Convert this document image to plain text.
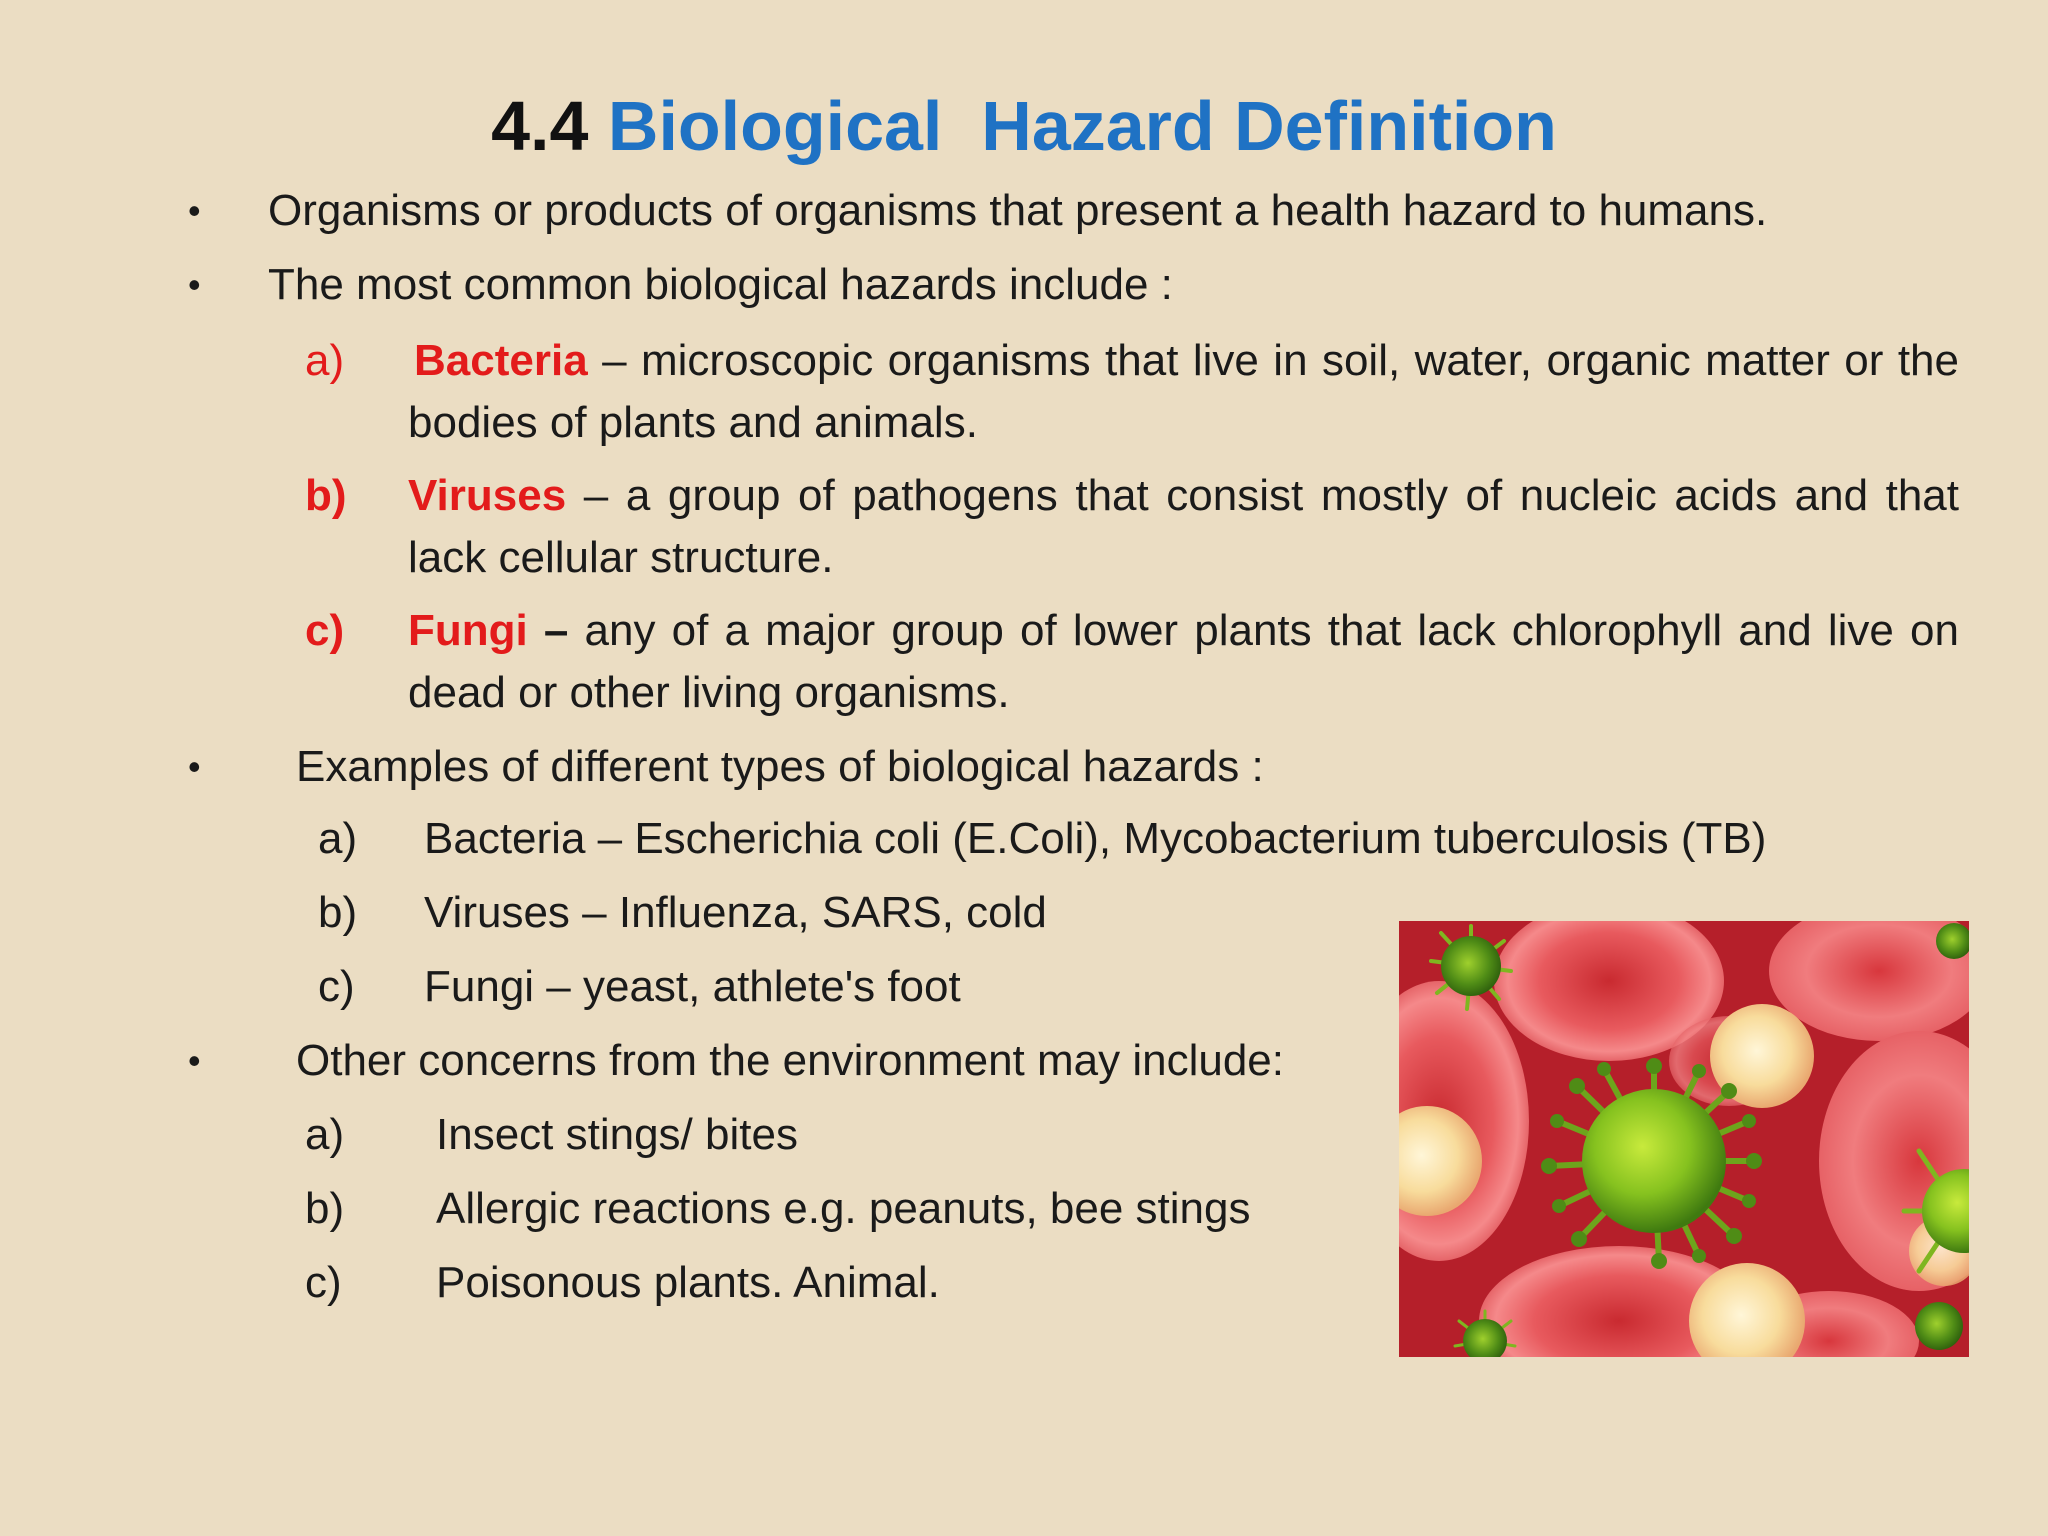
4.4 Biological  Hazard Definition
• Organisms or products of organisms that present a health hazard to humans.
• The most common biological hazards include :
a) Bacteria – microscopic organisms that live in soil, water, organic matter or the bodies of plants and animals.
b) Viruses – a group of pathogens that consist mostly of nucleic acids and that lack cellular structure.
c) Fungi – any of a major group of lower plants that lack chlorophyll and live on dead or other living organisms.
• Examples of different types of biological hazards :
a) Bacteria – Escherichia coli (E.Coli), Mycobacterium tuberculosis (TB)
b) Viruses – Influenza, SARS, cold
c) Fungi – yeast, athlete's foot
• Other concerns from the environment may include:
a) Insect stings/ bites
b) Allergic reactions e.g. peanuts, bee stings
c) Poisonous plants. Animal.
